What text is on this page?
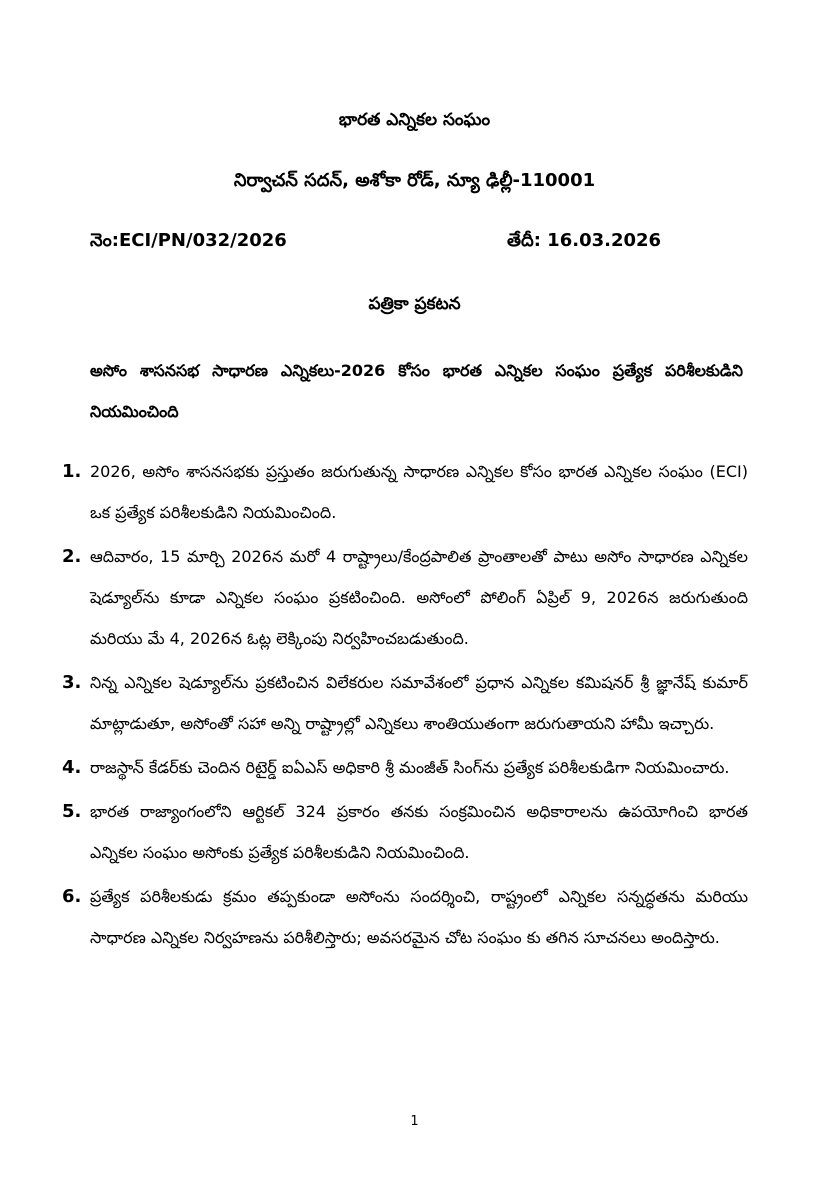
భారత ఎన్నికల సంఘం
నిర్వాచన్ సదన్, అశోకా రోడ్, న్యూ ఢిల్లీ-110001
నెం:ECI/PN/032/2026	తేదీ: 16.03.2026
పత్రికా ప్రకటన
అసోం శాసనసభ సాధారణ ఎన్నికలు-2026 కోసం భారత ఎన్నికల సంఘం ప్రత్యేక పరిశీలకుడిని నియమించింది
1. 2026, అసోం శాసనసభకు ప్రస్తుతం జరుగుతున్న సాధారణ ఎన్నికల కోసం భారత ఎన్నికల సంఘం (ECI) ఒక ప్రత్యేక పరిశీలకుడిని నియమించింది.
2. ఆదివారం, 15 మార్చి 2026న మరో 4 రాష్ట్రాలు/కేంద్రపాలిత ప్రాంతాలతో పాటు అసోం సాధారణ ఎన్నికల షెడ్యూల్‌ను కూడా ఎన్నికల సంఘం ప్రకటించింది. అసోంలో పోలింగ్ ఏప్రిల్ 9, 2026న జరుగుతుంది మరియు మే 4, 2026న ఓట్ల లెక్కింపు నిర్వహించబడుతుంది.
3. నిన్న ఎన్నికల షెడ్యూల్‌ను ప్రకటించిన విలేకరుల సమావేశంలో ప్రధాన ఎన్నికల కమిషనర్ శ్రీ జ్ఞానేష్ కుమార్ మాట్లాడుతూ, అసోంతో సహా అన్ని రాష్ట్రాల్లో ఎన్నికలు శాంతియుతంగా జరుగుతాయని హామీ ఇచ్చారు.
4. రాజస్థాన్ కేడర్‌కు చెందిన రిటైర్డ్ ఐఏఎస్ అధికారి శ్రీ మంజీత్ సింగ్‌ను ప్రత్యేక పరిశీలకుడిగా నియమించారు.
5. భారత రాజ్యాంగంలోని ఆర్టికల్ 324 ప్రకారం తనకు సంక్రమించిన అధికారాలను ఉపయోగించి భారత ఎన్నికల సంఘం అసోంకు ప్రత్యేక పరిశీలకుడిని నియమించింది.
6. ప్రత్యేక పరిశీలకుడు క్రమం తప్పకుండా అసోంను సందర్శించి, రాష్ట్రంలో ఎన్నికల సన్నద్ధతను మరియు సాధారణ ఎన్నికల నిర్వహణను పరిశీలిస్తారు; అవసరమైన చోట సంఘం కు తగిన సూచనలు అందిస్తారు.
1
